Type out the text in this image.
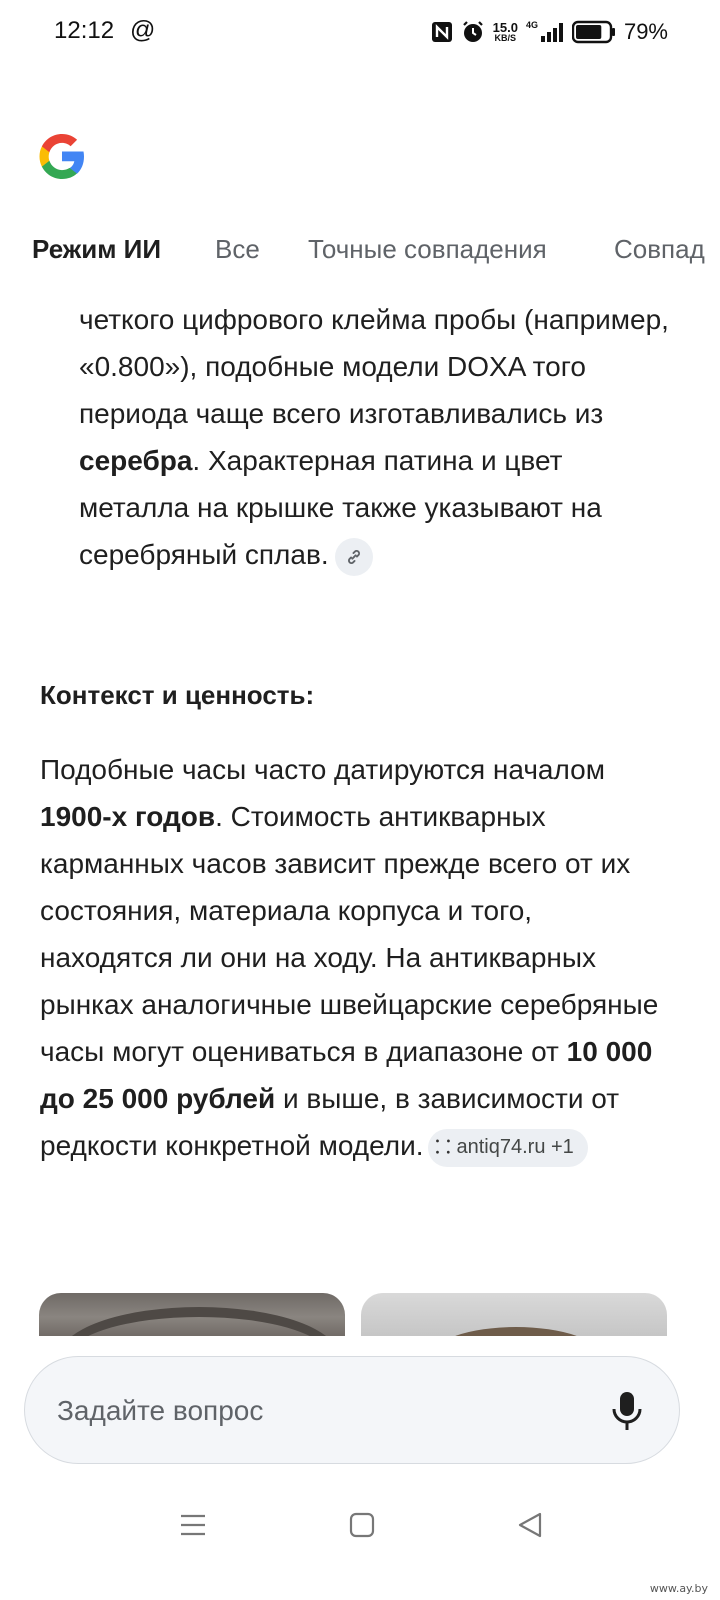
12:12 @	15.0
KB/S
4G	79%
Режим ИИ Все Точные совпадения	Совпад
четкого цифрового клейма пробы (например, «0.800»), подобные модели DOXA того периода чаще всего изготавливались из серебра. Характерная патина и цвет металла на крышке также указывают на серебряный сплав.
Контекст и ценность:
Подобные часы часто датируются началом 1900-х годов. Стоимость антикварных карманных часов зависит прежде всего от их состояния, материала корпуса и того, находятся ли они на ходу. На антикварных рынках аналогичные швейцарские серебряные часы могут оцениваться в диапазоне от 10 000 до 25 000 рублей и выше, в зависимости от редкости конкретной модели. ⸬ antiq74.ru +1
Задайте вопрос
www.ay.by
